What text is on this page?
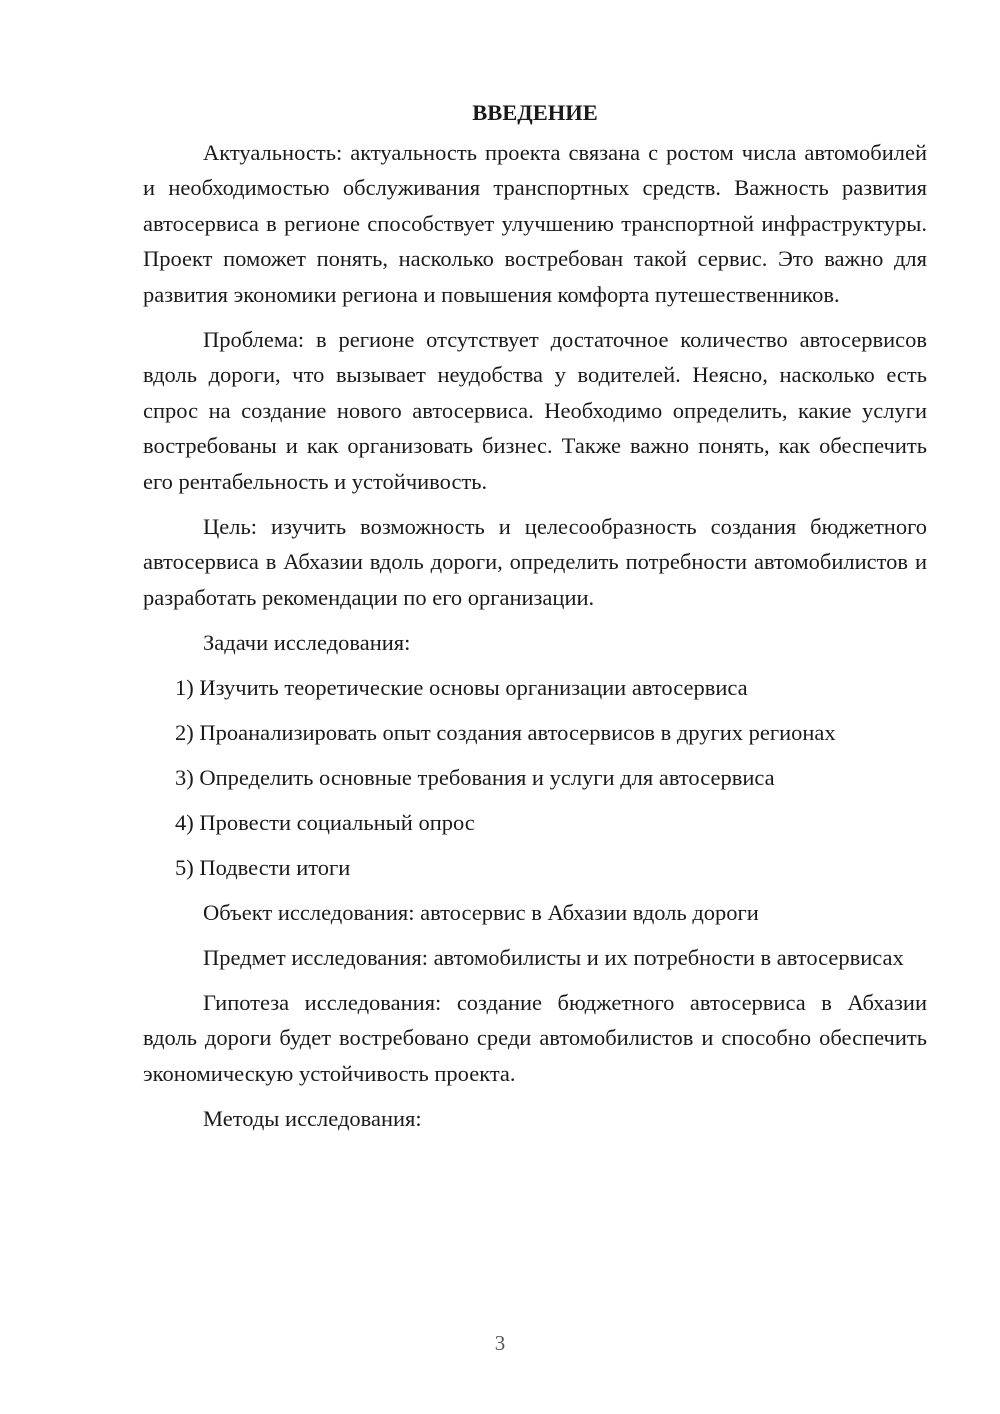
ВВЕДЕНИЕ

Актуальность: актуальность проекта связана с ростом числа автомобилей и необходимостью обслуживания транспортных средств. Важность развития автосервиса в регионе способствует улучшению транспортной инфраструктуры. Проект поможет понять, насколько востребован такой сервис. Это важно для развития экономики региона и повышения комфорта путешественников.

Проблема: в регионе отсутствует достаточное количество автосервисов вдоль дороги, что вызывает неудобства у водителей. Неясно, насколько есть спрос на создание нового автосервиса. Необходимо определить, какие услуги востребованы и как организовать бизнес. Также важно понять, как обеспечить его рентабельность и устойчивость.

Цель: изучить возможность и целесообразность создания бюджетного автосервиса в Абхазии вдоль дороги, определить потребности автомобилистов и разработать рекомендации по его организации.

Задачи исследования:

1) Изучить теоретические основы организации автосервиса
2) Проанализировать опыт создания автосервисов в других регионах
3) Определить основные требования и услуги для автосервиса
4) Провести социальный опрос
5) Подвести итоги

Объект исследования: автосервис в Абхазии вдоль дороги

Предмет исследования: автомобилисты и их потребности в автосервисах

Гипотеза исследования: создание бюджетного автосервиса в Абхазии вдоль дороги будет востребовано среди автомобилистов и способно обеспечить экономическую устойчивость проекта.

Методы исследования:

3
